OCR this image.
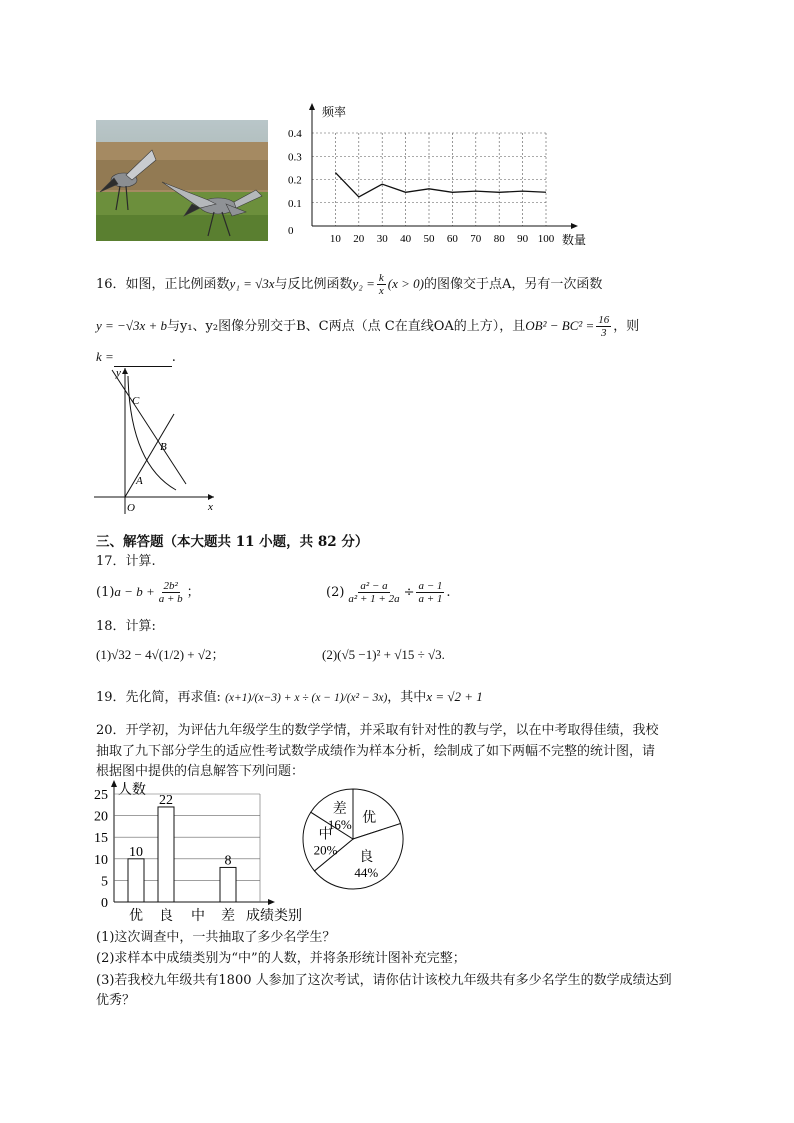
频率
数量
0.4
0.3
0.2
0.1
0
10 20 30 40 50 60 70 80 90 100
16．如图，正比例函数y₁ = √3x与反比例函数$y_2 = \frac{k}{x} (x > 0)$的图像交于点A，另有一次函数
y = −√3x + b与y₁、y₂图像分别交于B、C两点（点 C在直线OA的上方），且$OB^2 - BC^2 = \frac{16}{3}$ ，则
k =	.
y
x
O
C
B
A
三、解答题（本大题共 11 小题，共 82 分）
17．计算.
$(1)a - b + \frac{\text{2b²}}{a + b}$ ；	$(2) \frac{\text{a² − a}}{\text{a² + 1 + 2a}} \div \frac{a - 1}{a + 1}$ .
18．计算:
(1)√32 − 4√(1/2) + √2；	(2)(√5 −1)² + √15 ÷ √3.
19．先化简，再求值: (x+1)/(x−3) + x ÷ (x − 1)/(x² − 3x)，其中x = √2 + 1
20．开学初，为评估九年级学生的数学学情，并采取有针对性的教与学，以在中考取得佳绩，我校
抽取了九下部分学生的适应性考试数学成绩作为样本分析，绘制成了如下两幅不完整的统计图，请
根据图中提供的信息解答下列问题：
人数
0
5
10
15
20
25
10
优
22
良 中
8
差 成绩类别
优
良
44%
中
20%
差
16%
(1)这次调查中，一共抽取了多少名学生？
(2)求样本中成绩类别为“中”的人数，并将条形统计图补充完整；
(3)若我校九年级共有1800 人参加了这次考试，请你估计该校九年级共有多少名学生的数学成绩达到
优秀？
